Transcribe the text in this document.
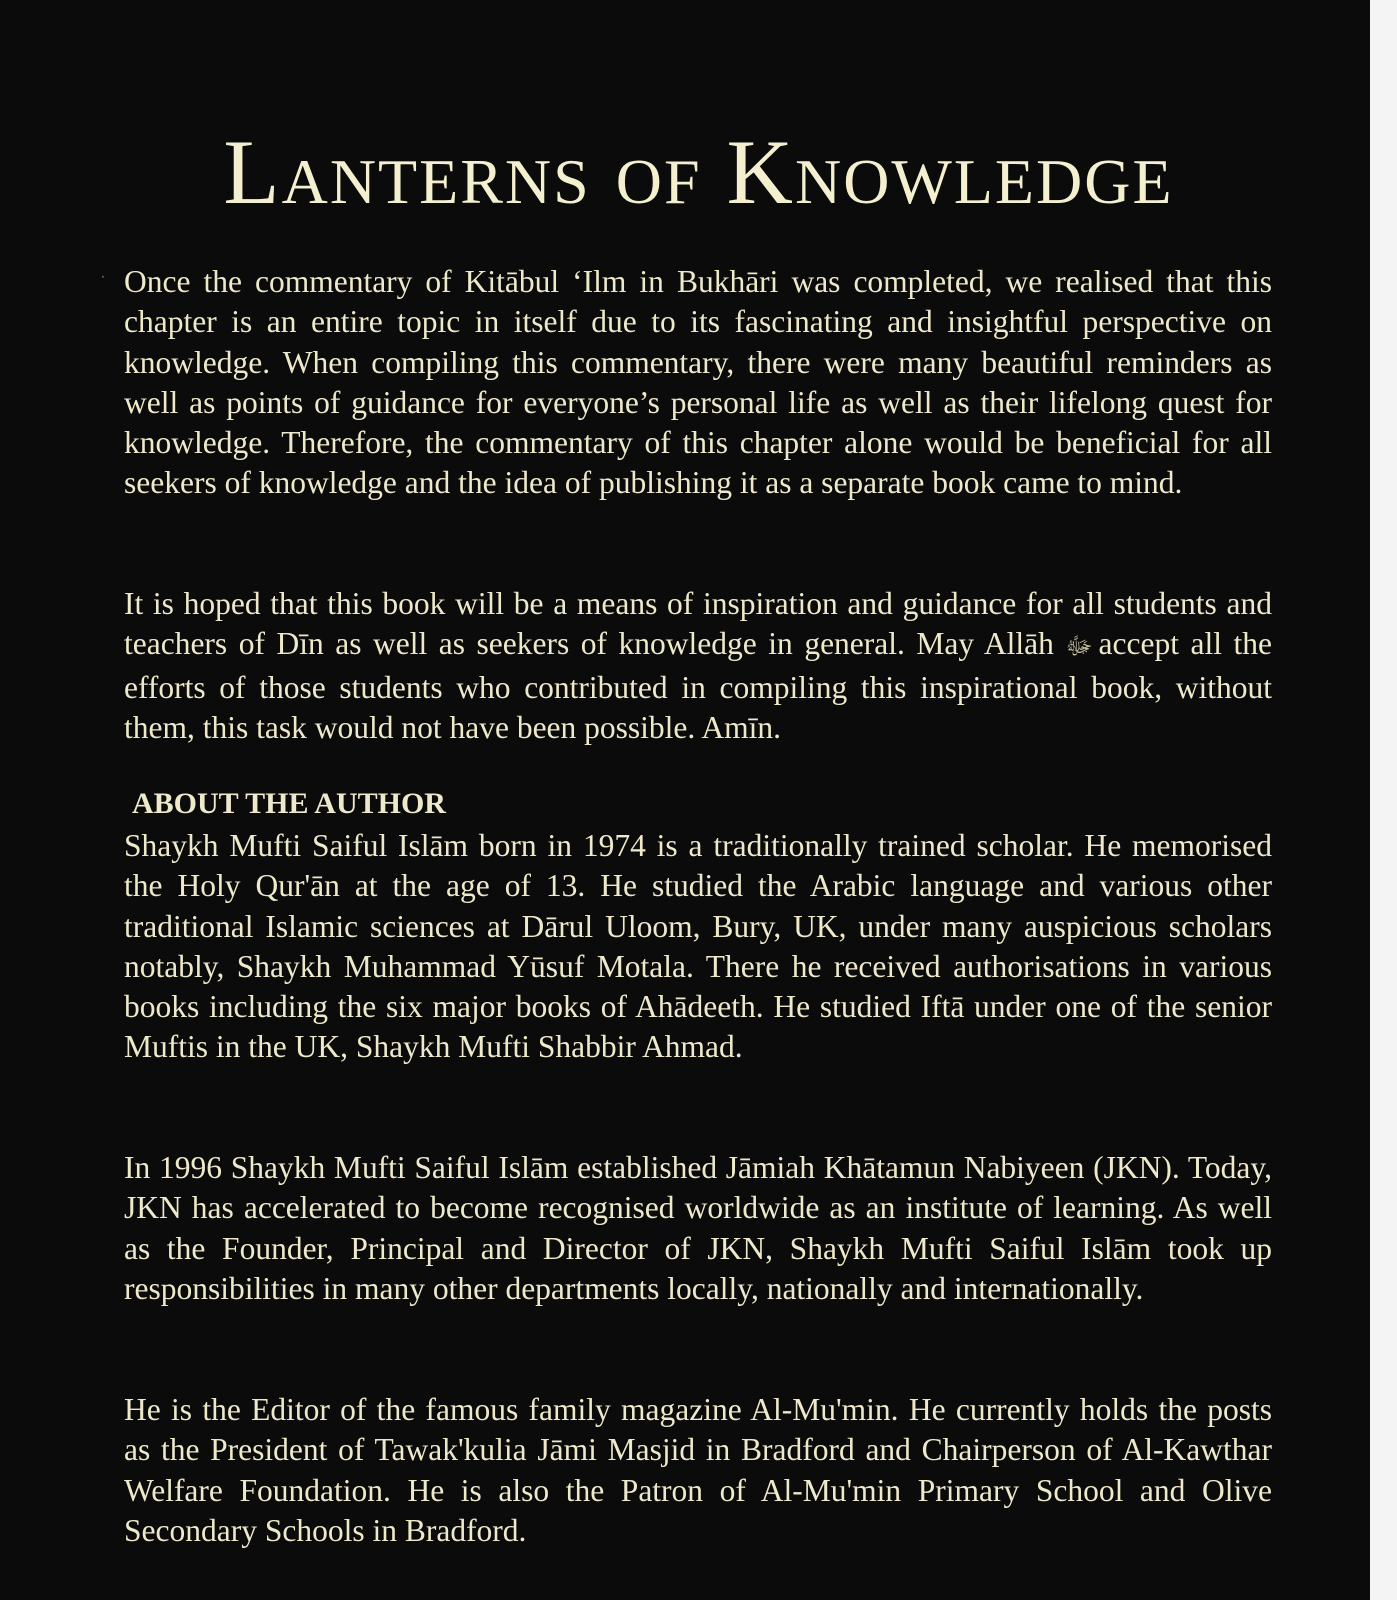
·
Lanterns of Knowledge

Once the commentary of Kitābul ‘Ilm in Bukhāri was completed, we realised that this chapter is an entire topic in itself due to its fascinating and insightful perspective on knowledge. When compiling this commentary, there were many beautiful reminders as well as points of guidance for everyone’s personal life as well as their lifelong quest for knowledge. Therefore, the commentary of this chapter alone would be beneficial for all seekers of knowledge and the idea of publishing it as a separate book came to mind.

It is hoped that this book will be a means of inspiration and guidance for all students and teachers of Dīn as well as seekers of knowledge in general. May Allāh ﷻ accept all the efforts of those students who contributed in compiling this inspirational book, without them, this task would not have been possible. Amīn.

ABOUT THE AUTHOR

Shaykh Mufti Saiful Islām born in 1974 is a traditionally trained scholar. He memorised the Holy Qur'ān at the age of 13. He studied the Arabic language and various other traditional Islamic sciences at Dārul Uloom, Bury, UK, under many auspicious scholars notably, Shaykh Muhammad Yūsuf Motala. There he received authorisations in various books including the six major books of Ahādeeth. He studied Iftā under one of the senior Muftis in the UK, Shaykh Mufti Shabbir Ahmad.

In 1996 Shaykh Mufti Saiful Islām established Jāmiah Khātamun Nabiyeen (JKN). Today, JKN has accelerated to become recognised worldwide as an institute of learning. As well as the Founder, Principal and Director of JKN, Shaykh Mufti Saiful Islām took up responsibilities in many other departments locally, nationally and internationally.

He is the Editor of the famous family magazine Al-Mu'min. He currently holds the posts as the President of Tawak'kulia Jāmi Masjid in Bradford and Chairperson of Al-Kawthar Welfare Foundation. He is also the Patron of Al-Mu'min Primary School and Olive Secondary Schools in Bradford.
